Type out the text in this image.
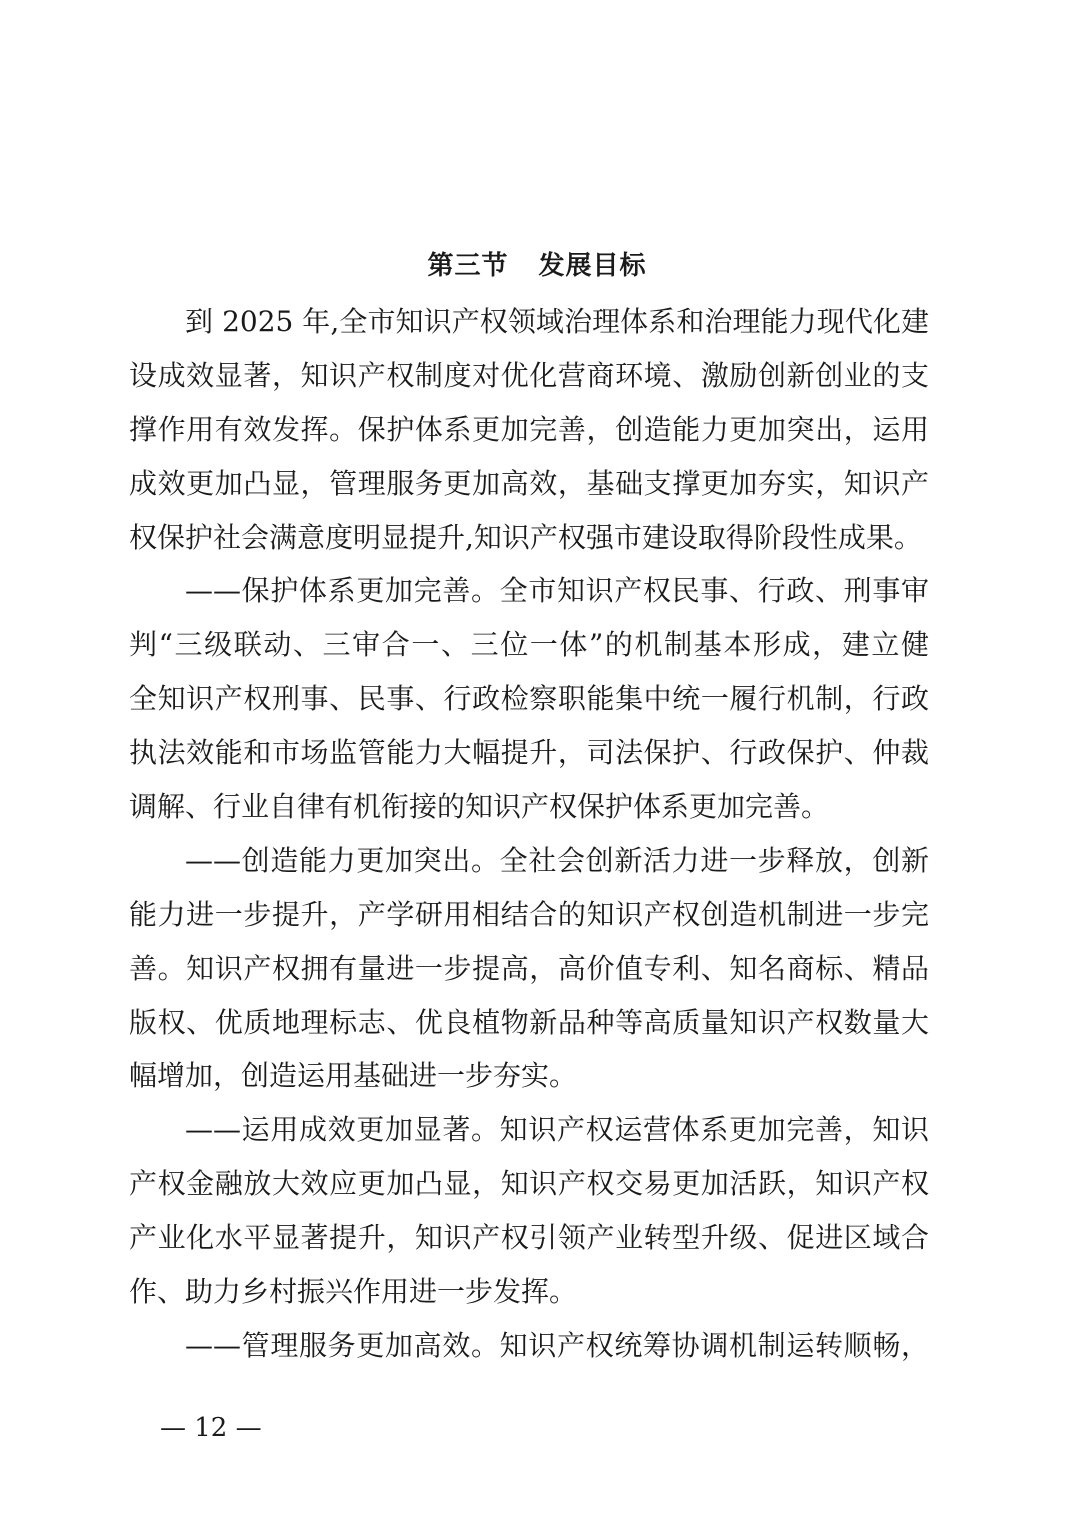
第三节 发展目标
到 2025 年,全市知识产权领域治理体系和治理能力现代化建
设成效显著，知识产权制度对优化营商环境、激励创新创业的支
撑作用有效发挥。保护体系更加完善，创造能力更加突出，运用
成效更加凸显，管理服务更加高效，基础支撑更加夯实，知识产
权保护社会满意度明显提升,知识产权强市建设取得阶段性成果。
——保护体系更加完善。全市知识产权民事、行政、刑事审
判“三级联动、三审合一、三位一体”的机制基本形成，建立健
全知识产权刑事、民事、行政检察职能集中统一履行机制，行政
执法效能和市场监管能力大幅提升，司法保护、行政保护、仲裁
调解、行业自律有机衔接的知识产权保护体系更加完善。
——创造能力更加突出。全社会创新活力进一步释放，创新
能力进一步提升，产学研用相结合的知识产权创造机制进一步完
善。知识产权拥有量进一步提高，高价值专利、知名商标、精品
版权、优质地理标志、优良植物新品种等高质量知识产权数量大
幅增加，创造运用基础进一步夯实。
——运用成效更加显著。知识产权运营体系更加完善，知识
产权金融放大效应更加凸显，知识产权交易更加活跃，知识产权
产业化水平显著提升，知识产权引领产业转型升级、促进区域合
作、助力乡村振兴作用进一步发挥。
——管理服务更加高效。知识产权统筹协调机制运转顺畅，
— 12 —
